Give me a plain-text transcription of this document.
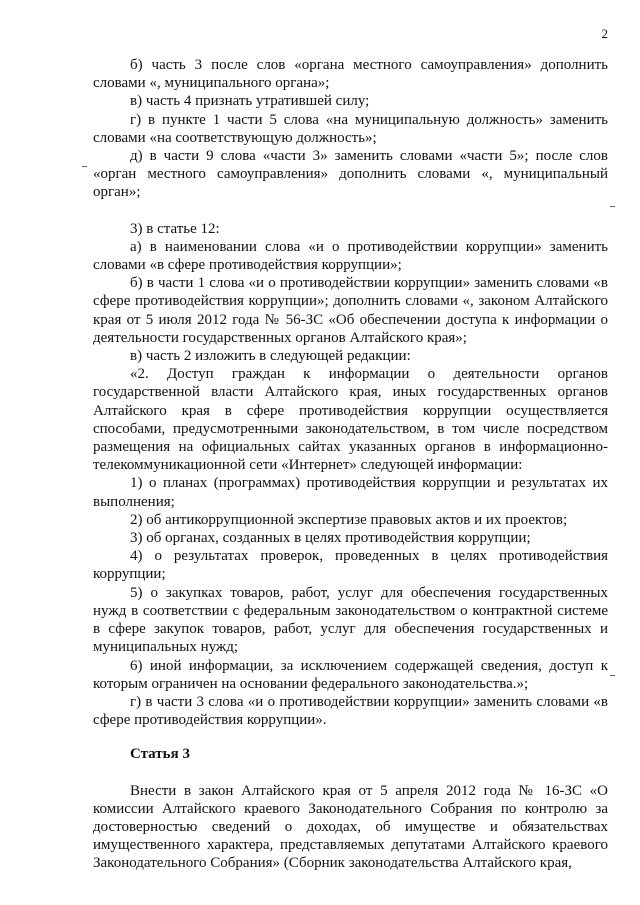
2

б) часть 3 после слов «органа местного самоуправления» дополнить словами «, муниципального органа»;

в) часть 4 признать утратившей силу;

г) в пункте 1 части 5 слова «на муниципальную должность» заменить словами «на соответствующую должность»;

д) в части 9 слова «части 3» заменить словами «части 5»; после слов «орган местного самоуправления» дополнить словами «, муниципальный орган»;

3) в статье 12:

а) в наименовании слова «и о противодействии коррупции» заменить словами «в сфере противодействия коррупции»;

б) в части 1 слова «и о противодействии коррупции» заменить словами «в сфере противодействия коррупции»; дополнить словами «, законом Алтайского края от 5 июля 2012 года № 56-ЗС «Об обеспечении доступа к информации о деятельности государственных органов Алтайского края»;

в) часть 2 изложить в следующей редакции:

«2. Доступ граждан к информации о деятельности органов государственной власти Алтайского края, иных государственных органов Алтайского края в сфере противодействия коррупции осуществляется способами, предусмотренными законодательством, в том числе посредством размещения на официальных сайтах указанных органов в информационно-телекоммуникационной сети «Интернет» следующей информации:

1) о планах (программах) противодействия коррупции и результатах их выполнения;

2) об антикоррупционной экспертизе правовых актов и их проектов;

3) об органах, созданных в целях противодействия коррупции;

4) о результатах проверок, проведенных в целях противодействия коррупции;

5) о закупках товаров, работ, услуг для обеспечения государственных нужд в соответствии с федеральным законодательством о контрактной системе в сфере закупок товаров, работ, услуг для обеспечения государственных и муниципальных нужд;

6) иной информации, за исключением содержащей сведения, доступ к которым ограничен на основании федерального законодательства.»;

г) в части 3 слова «и о противодействии коррупции» заменить словами «в сфере противодействия коррупции».

Статья 3

Внести в закон Алтайского края от 5 апреля 2012 года № 16-ЗС «О комиссии Алтайского краевого Законодательного Собрания по контролю за достоверностью сведений о доходах, об имуществе и обязательствах имущественного характера, представляемых депутатами Алтайского краевого Законодательного Собрания» (Сборник законодательства Алтайского края,
